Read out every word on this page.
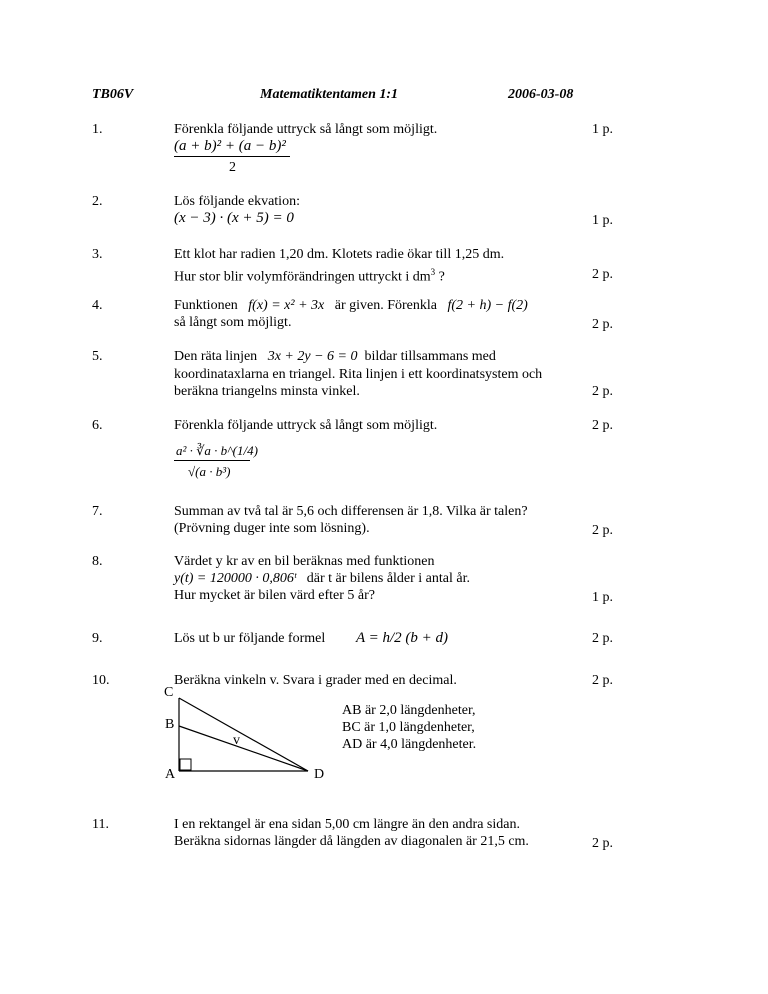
TB06V	Matematiktentamen 1:1	2006-03-08
1.	Förenkla följande uttryck så långt som möjligt.	1 p.
(a + b)² + (a − b)²
2
2.	Lös följande ekvation:
(x − 3) · (x + 5) = 0	1 p.
3.	Ett klot har radien 1,20 dm. Klotets radie ökar till 1,25 dm.
Hur stor blir volymförändringen uttryckt i $dm^3$ ?	2 p.
4.	Funktionen f(x) = x² + 3x är given. Förenkla f(2 + h) − f(2)
så långt som möjligt.	2 p.
5.	Den räta linjen 3x + 2y − 6 = 0 bildar tillsammans med
koordinataxlarna en triangel. Rita linjen i ett koordinatsystem och
beräkna triangelns minsta vinkel.	2 p.
6.	Förenkla följande uttryck så långt som möjligt.	2 p.
a² · ∛a · b^(1/4)
√(a · b³)
7.	Summan av två tal är 5,6 och differensen är 1,8. Vilka är talen?
(Prövning duger inte som lösning).	2 p.
8.	Värdet y kr av en bil beräknas med funktionen
y(t) = 120000 · 0,806ᵗ där t är bilens ålder i antal år.
Hur mycket är bilen värd efter 5 år?	1 p.
9.	Lös ut b ur följande formel A = h/2 (b + d)	2 p.
10.	Beräkna vinkeln v. Svara i grader med en decimal.	2 p.
C
B
A	D
v
AB är 2,0 längdenheter,
BC är 1,0 längdenheter,
AD är 4,0 längdenheter.
11.	I en rektangel är ena sidan 5,00 cm längre än den andra sidan.
Beräkna sidornas längder då längden av diagonalen är 21,5 cm.	2 p.
